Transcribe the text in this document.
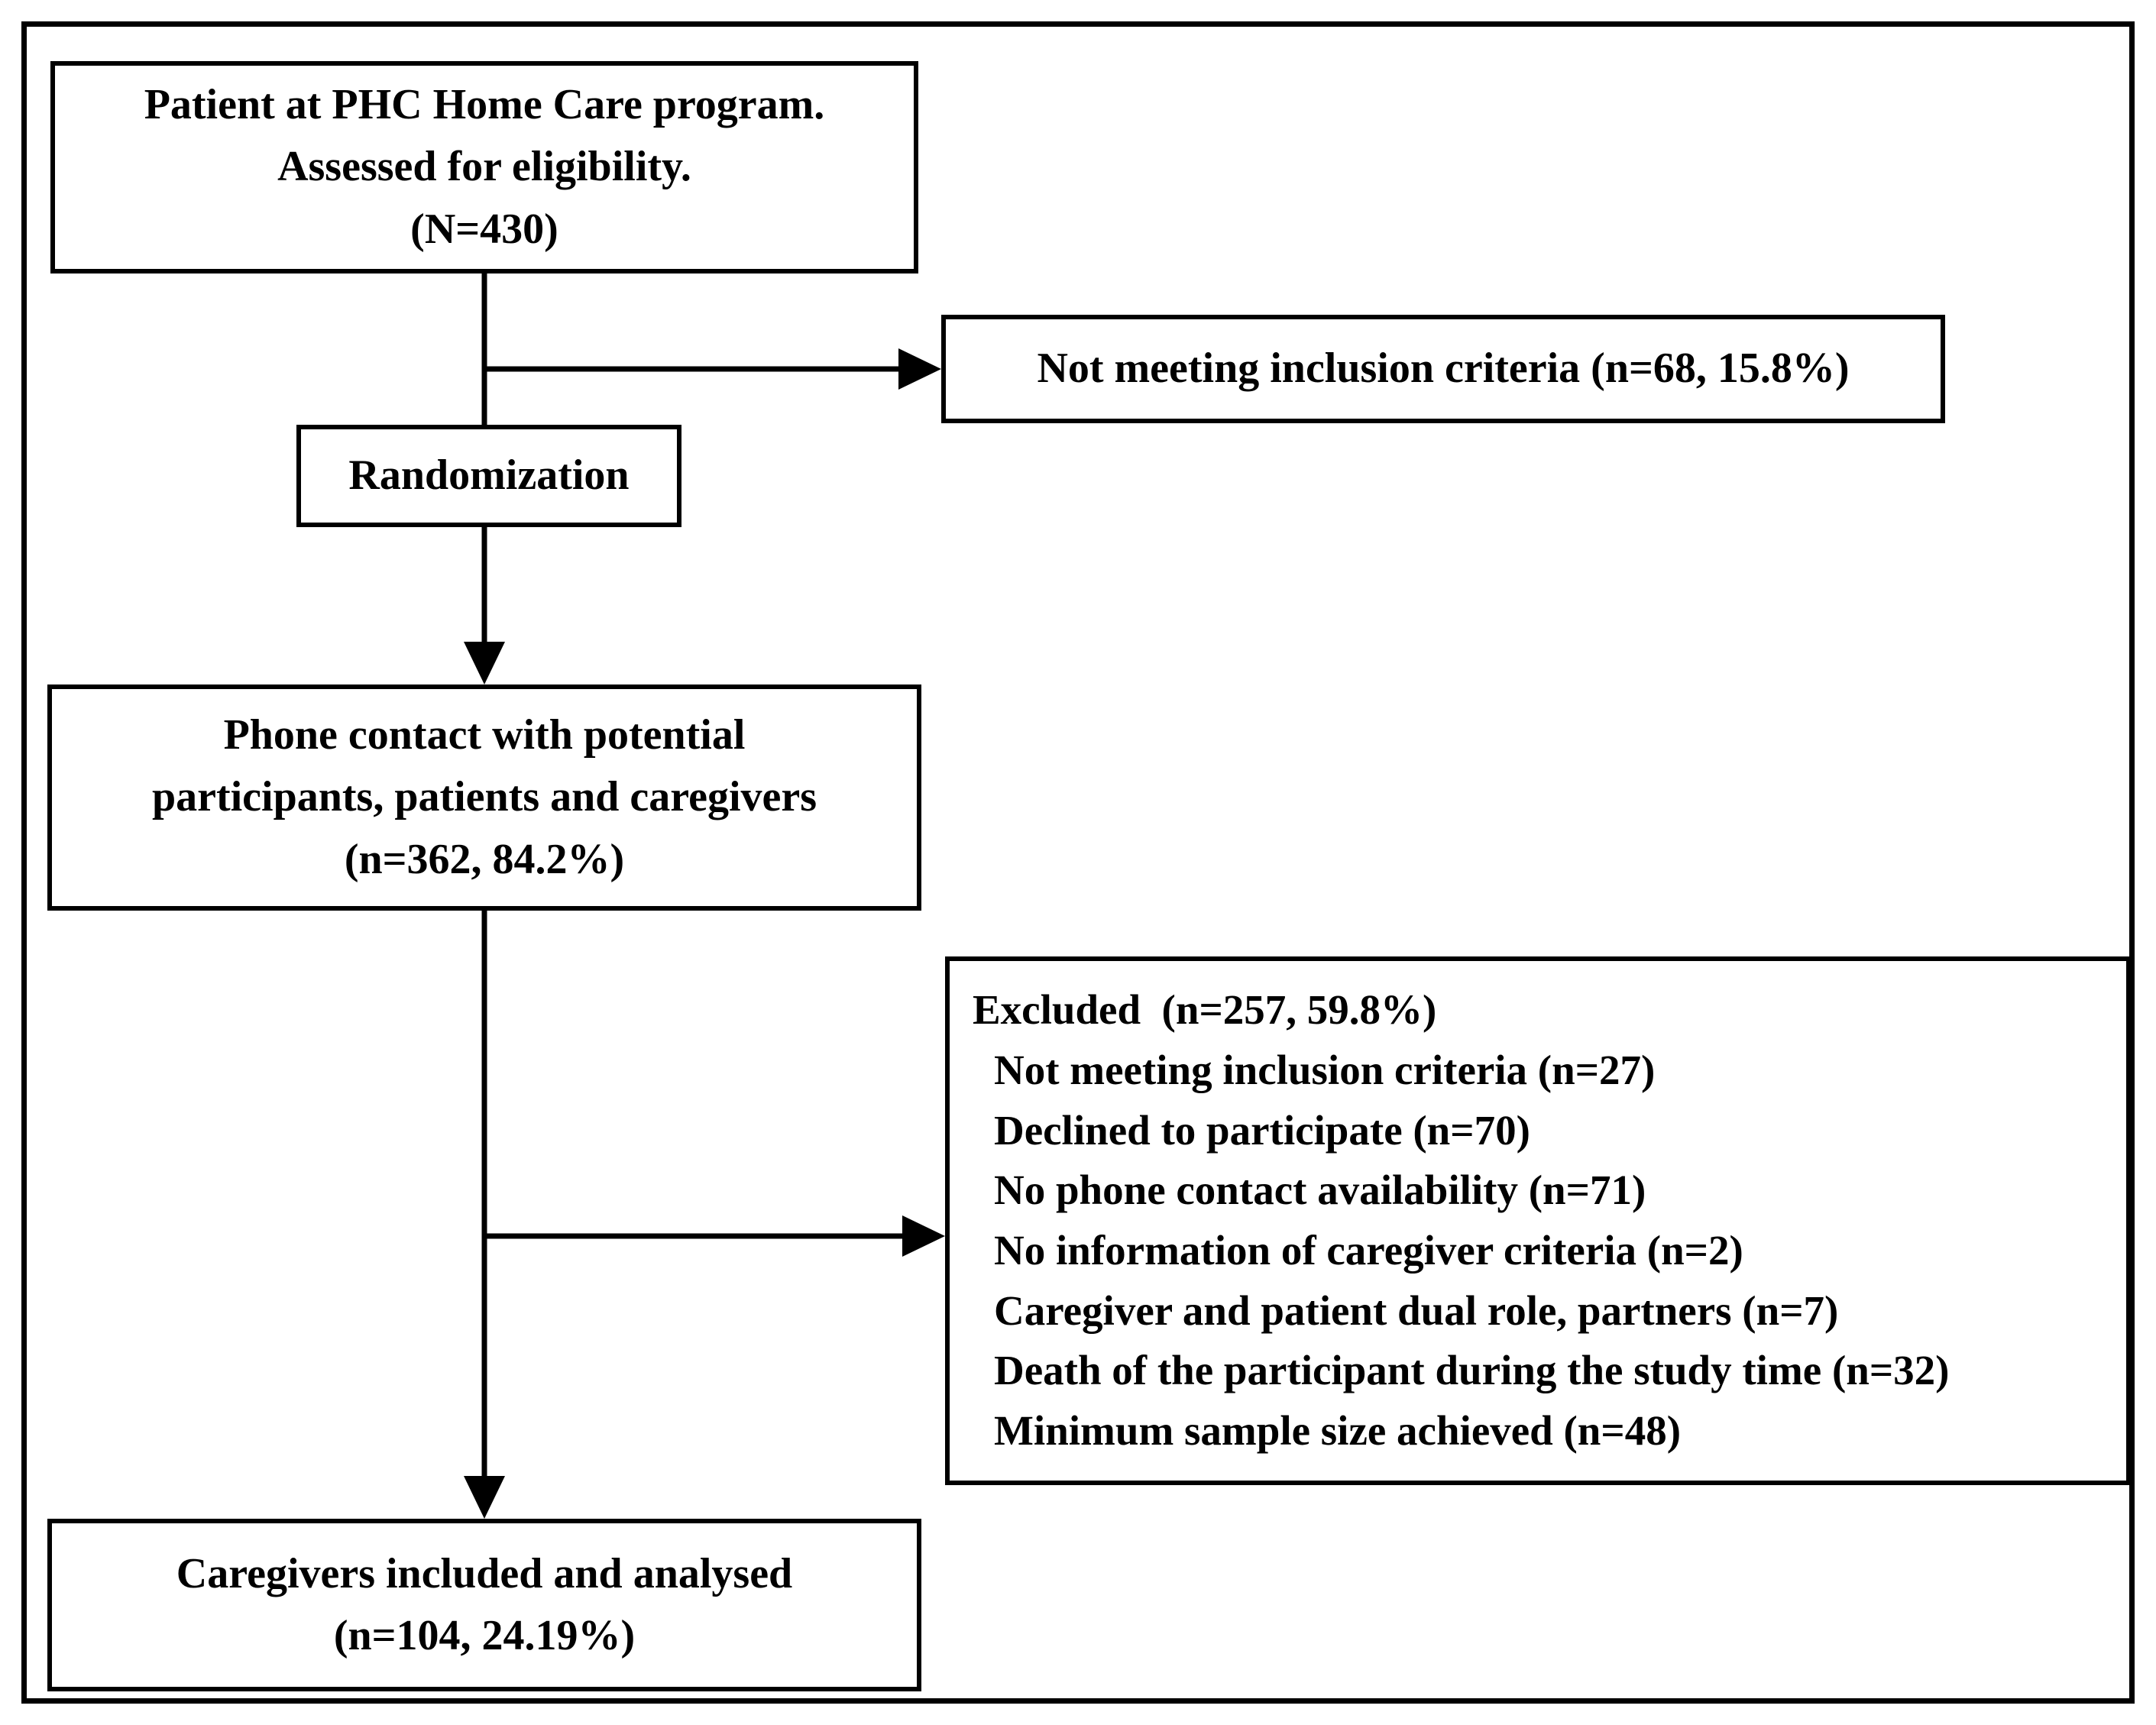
Patient at PHC Home Care program.
Assessed for eligibility.
(N=430)
Not meeting inclusion criteria (n=68, 15.8%)
Randomization
Phone contact with potential
participants, patients and caregivers
(n=362, 84.2%)
Excluded  (n=257, 59.8%)
Not meeting inclusion criteria (n=27)
Declined to participate (n=70)
No phone contact availability (n=71)
No information of caregiver criteria (n=2)
Caregiver and patient dual role, partners (n=7)
Death of the participant during the study time (n=32)
Minimum sample size achieved (n=48)
Caregivers included and analysed
(n=104, 24.19%)
